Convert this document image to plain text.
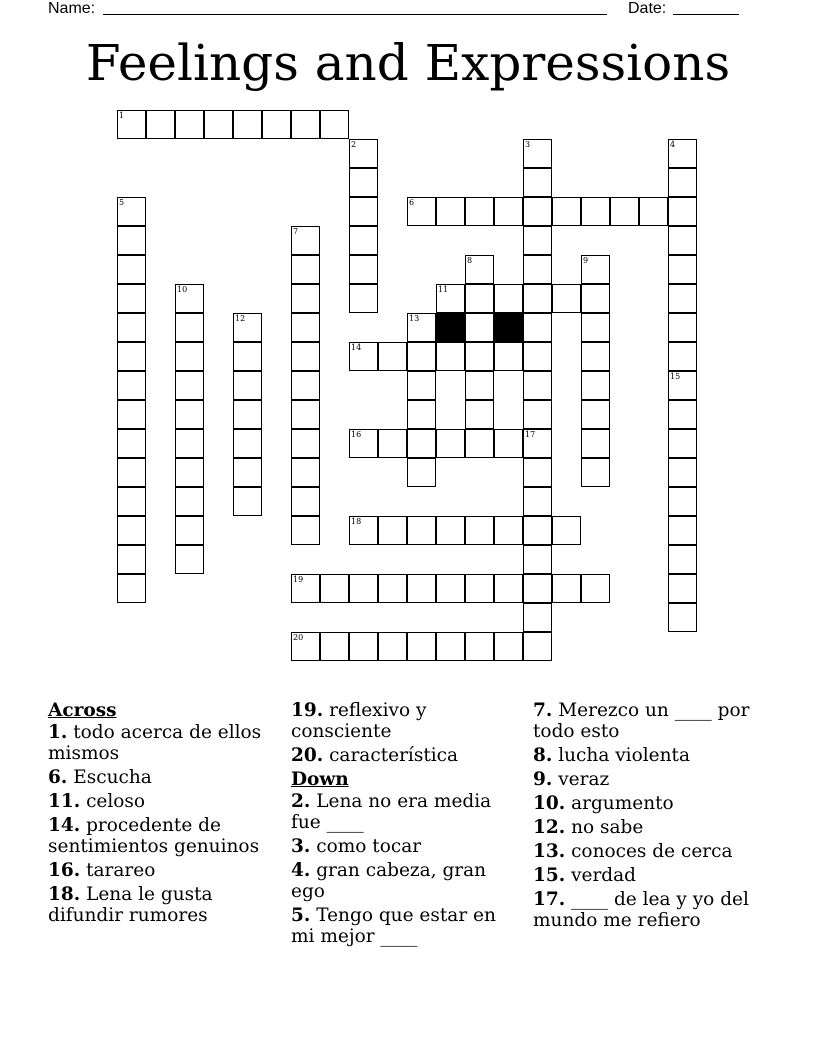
Name:	Date:
Feelings and Expressions
1
2	3
17
4
5	6
7
8	9
10	11
12	13
14
15
16
18
19
20
Across
1. todo acerca de ellos mismos
6. Escucha
11. celoso
14. procedente de sentimientos genuinos
16. tarareo
18. Lena le gusta difundir rumores
19. reflexivo y consciente
20. característica
Down
2. Lena no era media fue ____
3. como tocar
4. gran cabeza, gran ego
5. Tengo que estar en mi mejor ____
7. Merezco un ____ por todo esto
8. lucha violenta
9. veraz
10. argumento
12. no sabe
13. conoces de cerca
15. verdad
17. ____ de lea y yo del mundo me refiero
